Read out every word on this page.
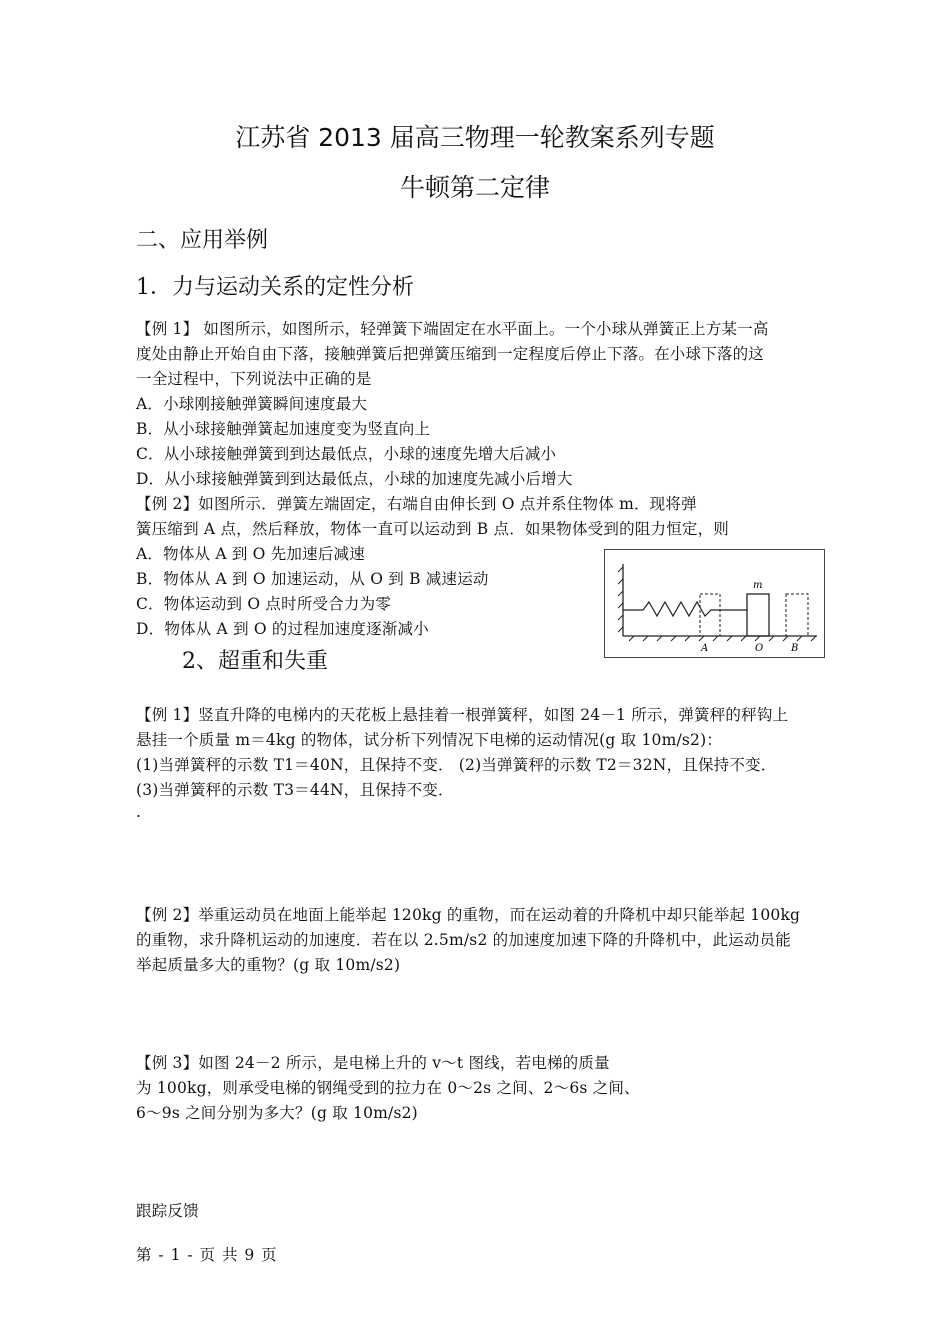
江苏省 2013 届高三物理一轮教案系列专题
牛顿第二定律
二、应用举例
1．力与运动关系的定性分析
【例 1】 如图所示，如图所示，轻弹簧下端固定在水平面上。一个小球从弹簧正上方某一高
度处由静止开始自由下落，接触弹簧后把弹簧压缩到一定程度后停止下落。在小球下落的这
一全过程中，下列说法中正确的是
A．小球刚接触弹簧瞬间速度最大
B．从小球接触弹簧起加速度变为竖直向上
C．从小球接触弹簧到到达最低点，小球的速度先增大后减小
D．从小球接触弹簧到到达最低点，小球的加速度先减小后增大
【例 2】如图所示．弹簧左端固定，右端自由伸长到 O 点并系住物体 m．现将弹
簧压缩到 A 点，然后释放，物体一直可以运动到 B 点．如果物体受到的阻力恒定，则
A．物体从 A 到 O 先加速后减速
B．物体从 A 到 O 加速运动，从 O 到 B 减速运动
C．物体运动到 O 点时所受合力为零
D．物体从 A 到 O 的过程加速度逐渐减小
m
A	O	B
2、超重和失重
【例 1】竖直升降的电梯内的天花板上悬挂着一根弹簧秤，如图 24－1 所示，弹簧秤的秤钩上
悬挂一个质量 m＝4kg 的物体，试分析下列情况下电梯的运动情况(g 取 10m/s2)：
(1)当弹簧秤的示数 T1＝40N，且保持不变． (2)当弹簧秤的示数 T2＝32N，且保持不变．
(3)当弹簧秤的示数 T3＝44N，且保持不变．
.
【例 2】举重运动员在地面上能举起 120kg 的重物，而在运动着的升降机中却只能举起 100kg
的重物，求升降机运动的加速度．若在以 2.5m/s2 的加速度加速下降的升降机中，此运动员能
举起质量多大的重物？(g 取 10m/s2)
【例 3】如图 24－2 所示，是电梯上升的 v～t 图线，若电梯的质量
为 100kg，则承受电梯的钢绳受到的拉力在 0～2s 之间、2～6s 之间、
6～9s 之间分别为多大？(g 取 10m/s2)
跟踪反馈
第 - 1 - 页 共 9 页
